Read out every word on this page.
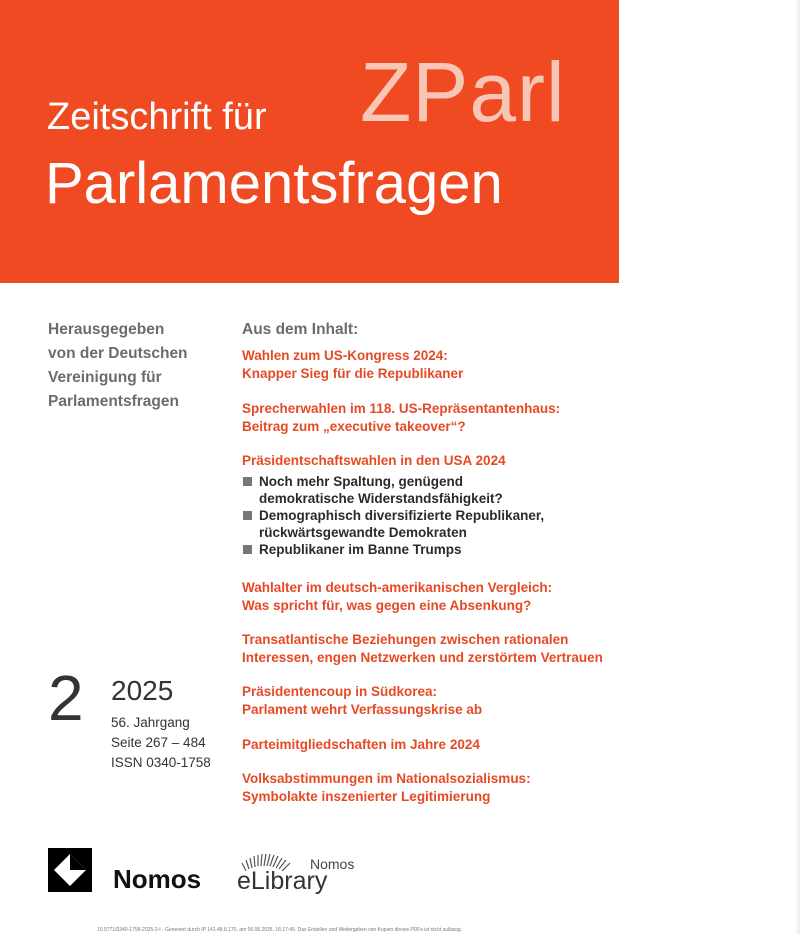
ZParl
Zeitschrift für
Parlamentsfragen
Herausgegeben
von der Deutschen
Vereinigung für
Parlamentsfragen
Aus dem Inhalt:
Wahlen zum US-Kongress 2024:
Knapper Sieg für die Republikaner
Sprecherwahlen im 118. US-Repräsentantenhaus:
Beitrag zum „executive takeover“?
Präsidentschaftswahlen in den USA 2024
Noch mehr Spaltung, genügend
demokratische Widerstandsfähigkeit?
Demographisch diversifizierte Republikaner,
rückwärtsgewandte Demokraten
Republikaner im Banne Trumps
Wahlalter im deutsch-amerikanischen Vergleich:
Was spricht für, was gegen eine Absenkung?
Transatlantische Beziehungen zwischen rationalen
Interessen, engen Netzwerken und zerstörtem Vertrauen
Präsidentencoup in Südkorea:
Parlament wehrt Verfassungskrise ab
Parteimitgliedschaften im Jahre 2024
Volksabstimmungen im Nationalsozialismus:
Symbolakte inszenierter Legitimierung
2 2025
56. Jahrgang
Seite 267 – 484
ISSN 0340-1758
Nomos	Nomos
eLibrary
10.5771/0340-1758-2025-2-I - Generiert durch IP 141.48.8.170, am 06.08.2025, 16:17:40. Das Erstellen und Weitergeben von Kopien dieses PDFs ist nicht zulässig.
